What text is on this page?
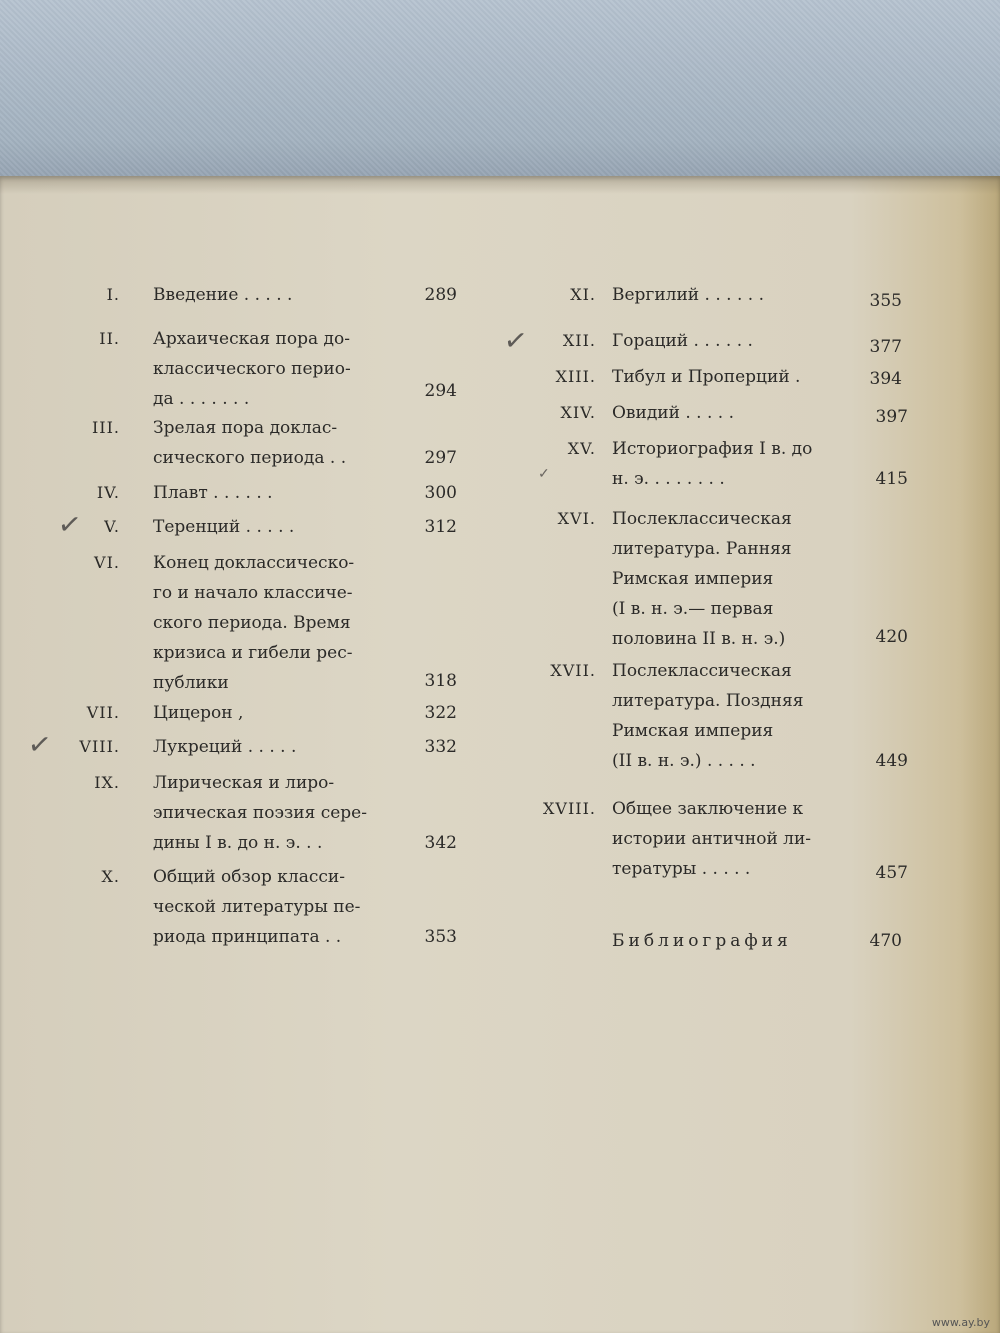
I. Введение . . . . .	289
II. Архаическая пора до-
классического перио-
да . . . . . . .	294
III. Зрелая пора доклас-
сического периода . .	297
IV. Плавт . . . . . .	300
✓	V. Теренций . . . . .	312
VI. Конец доклассическо-
го и начало классиче-
ского периода. Время
кризиса и гибели рес-
публики	318
VII. Цицерон ,	322
✓	VIII. Лукреций . . . . .	332
IX. Лирическая и лиро-
эпическая поэзия сере-
дины I в. до н. э. . .	342
X. Общий обзор класси-
ческой литературы пе-
риода принципата . .	353
XI. Вергилий . . . . . .	355
✓	XII. Гораций . . . . . .	377
XIII. Тибул и Проперций .	394
XIV. Овидий . . . . .	397
✓
XV. Историография I в. до
н. э. . . . . . . .	415
XVI. Послеклассическая
литература. Ранняя
Римская империя
(I в. н. э.— первая
половина II в. н. э.)	420
XVII. Послеклассическая
литература. Поздняя
Римская империя
(II в. н. э.) . . . . .	449
XVIII. Общее заключение к
истории античной ли-
тературы . . . . .	457
Библиография	470
www.ay.by
